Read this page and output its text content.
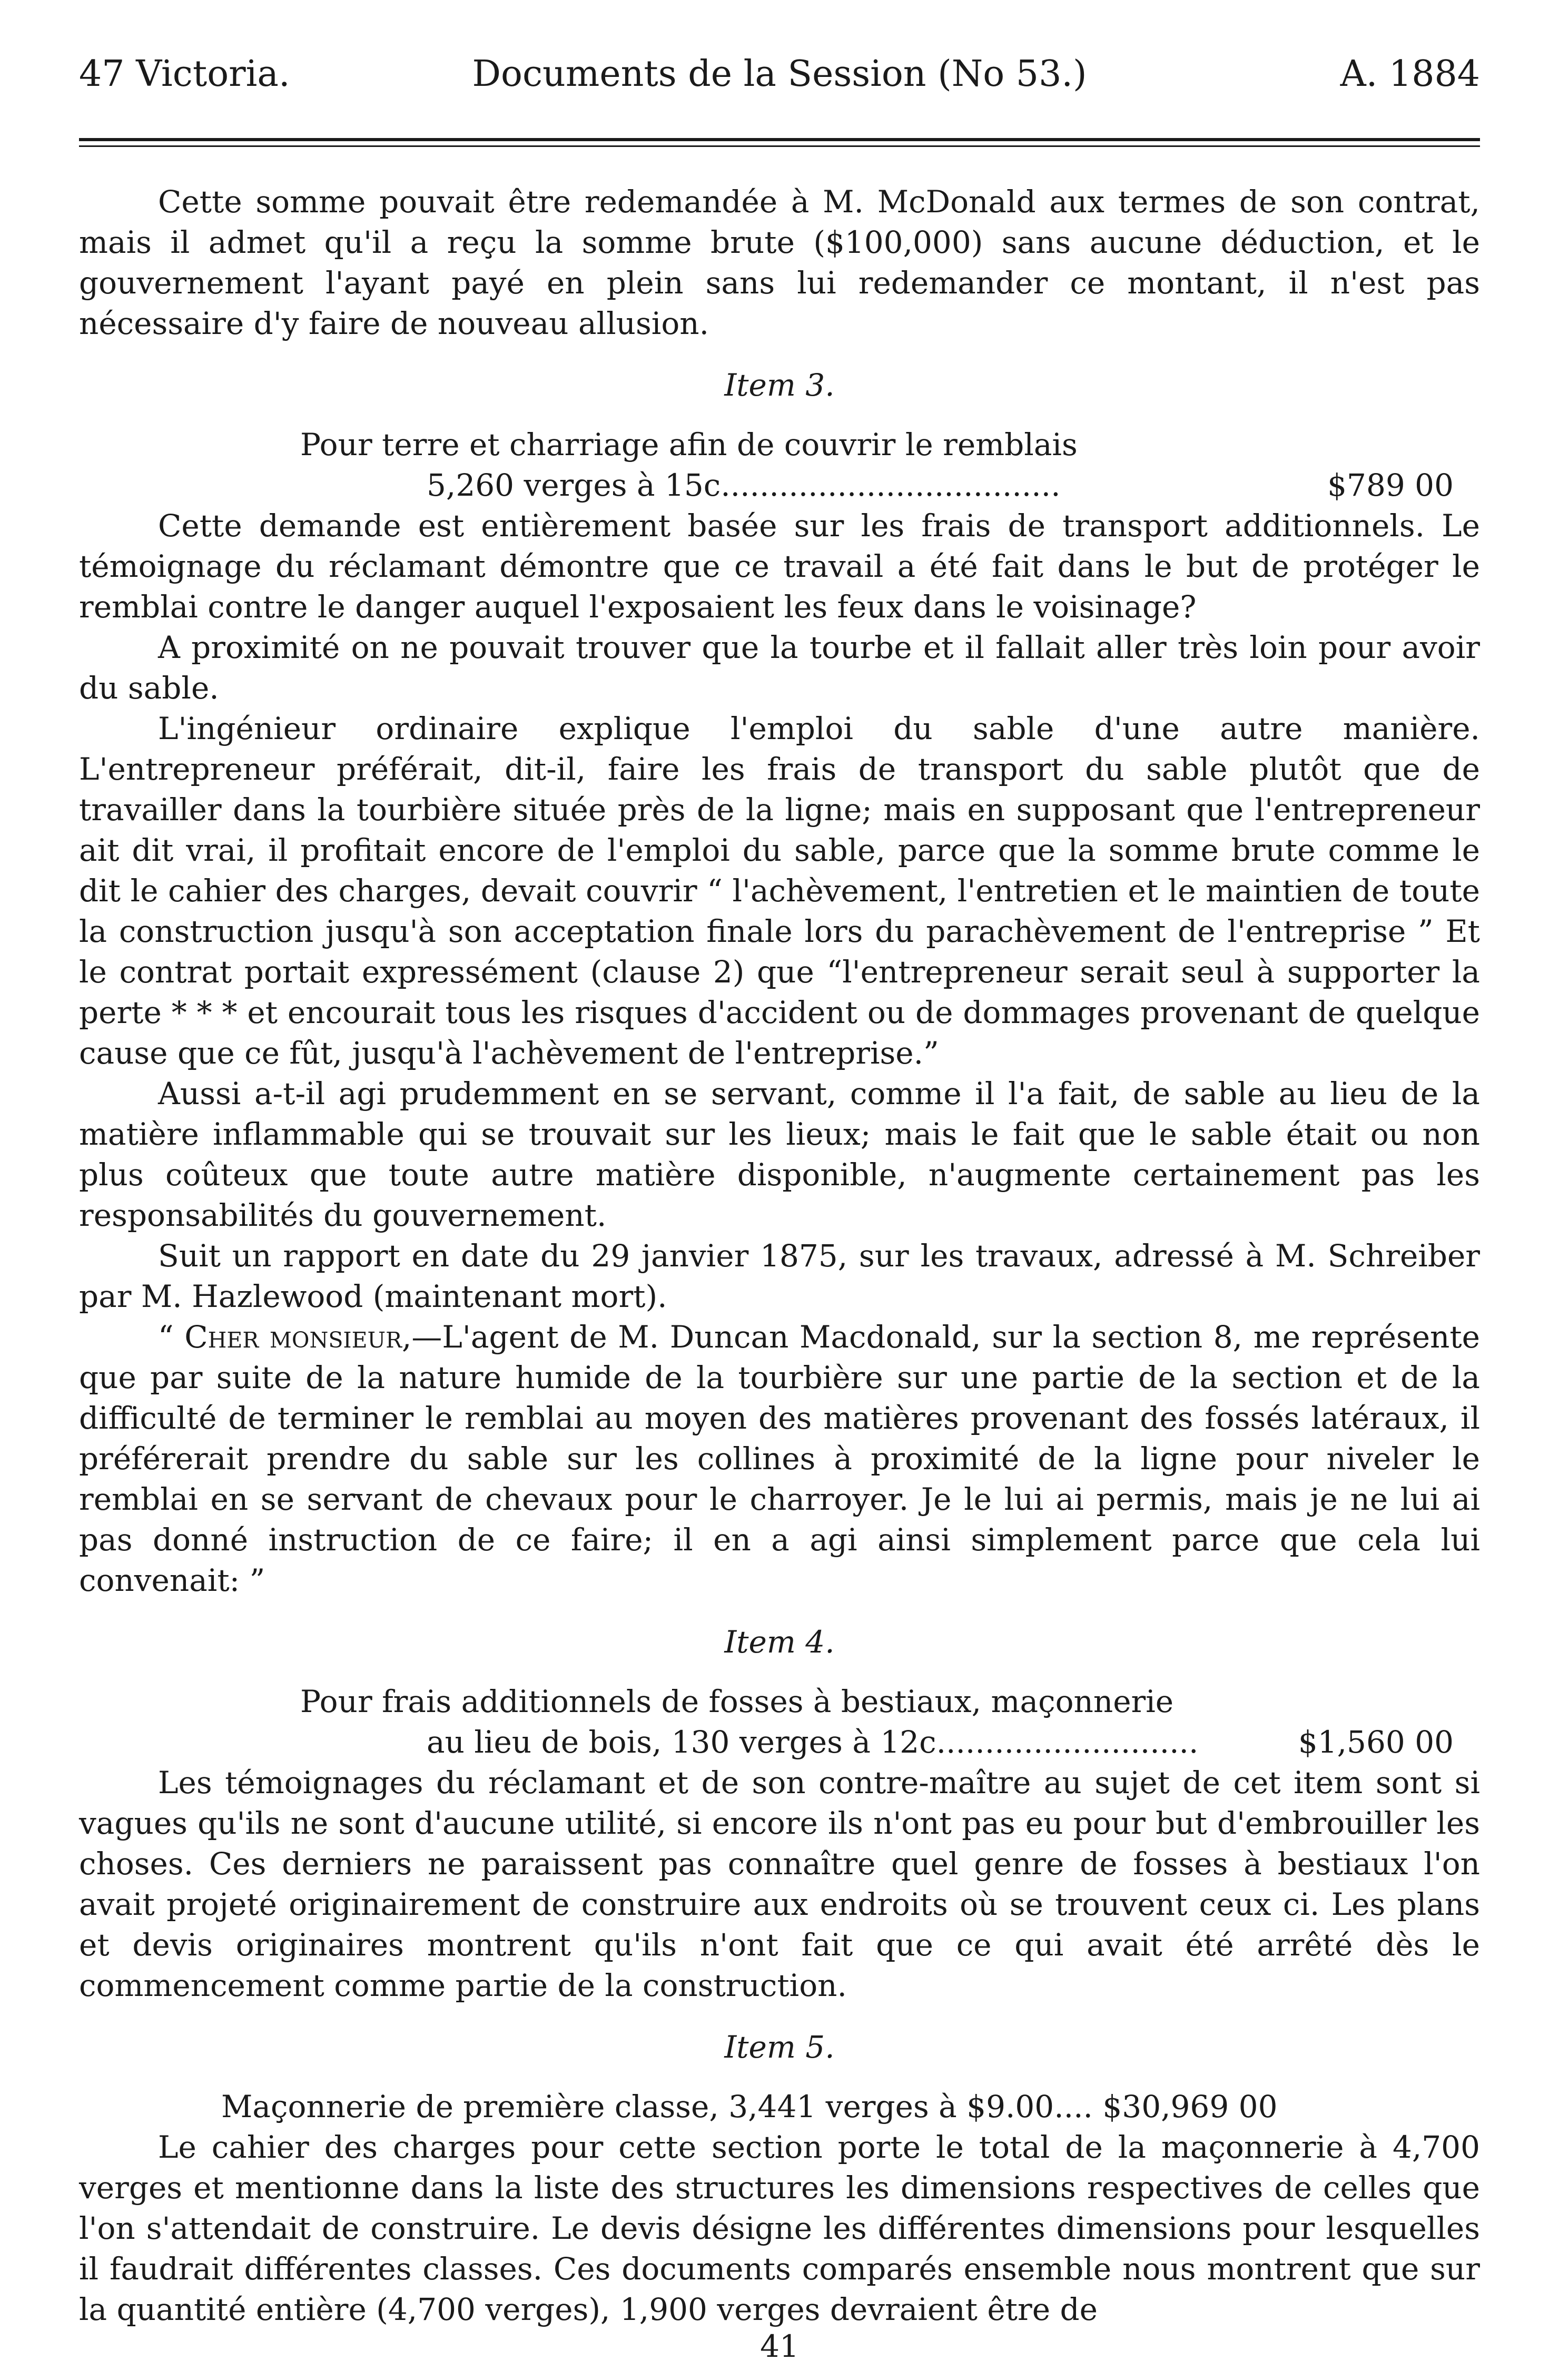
47 Victoria.	Documents de la Session (No 53.)	A. 1884

Cette somme pouvait être redemandée à M. McDonald aux termes de son contrat, mais il admet qu'il a reçu la somme brute ($100,000) sans aucune déduction, et le gouvernement l'ayant payé en plein sans lui redemander ce montant, il n'est pas nécessaire d'y faire de nouveau allusion.

Item 3.
Pour terre et charriage afin de couvrir le remblais
5,260 verges à 15c...................................	$789 00

Cette demande est entièrement basée sur les frais de transport additionnels. Le témoignage du réclamant démontre que ce travail a été fait dans le but de protéger le remblai contre le danger auquel l'exposaient les feux dans le voisinage?

A proximité on ne pouvait trouver que la tourbe et il fallait aller très loin pour avoir du sable.

L'ingénieur ordinaire explique l'emploi du sable d'une autre manière. L'entrepreneur préférait, dit-il, faire les frais de transport du sable plutôt que de travailler dans la tourbière située près de la ligne; mais en supposant que l'entrepreneur ait dit vrai, il profitait encore de l'emploi du sable, parce que la somme brute comme le dit le cahier des charges, devait couvrir “ l'achèvement, l'entretien et le maintien de toute la construction jusqu'à son acceptation finale lors du parachèvement de l'entreprise ” Et le contrat portait expressément (clause 2) que “l'entrepreneur serait seul à supporter la perte * * * et encourait tous les risques d'accident ou de dommages provenant de quelque cause que ce fût, jusqu'à l'achèvement de l'entreprise.”

Aussi a-t-il agi prudemment en se servant, comme il l'a fait, de sable au lieu de la matière inflammable qui se trouvait sur les lieux; mais le fait que le sable était ou non plus coûteux que toute autre matière disponible, n'augmente certainement pas les responsabilités du gouvernement.

Suit un rapport en date du 29 janvier 1875, sur les travaux, adressé à M. Schreiber par M. Hazlewood (maintenant mort).

“ Cher monsieur,—L'agent de M. Duncan Macdonald, sur la section 8, me représente que par suite de la nature humide de la tourbière sur une partie de la section et de la difficulté de terminer le remblai au moyen des matières provenant des fossés latéraux, il préférerait prendre du sable sur les collines à proximité de la ligne pour niveler le remblai en se servant de chevaux pour le charroyer. Je le lui ai permis, mais je ne lui ai pas donné instruction de ce faire; il en a agi ainsi simplement parce que cela lui convenait: ”

Item 4.
Pour frais additionnels de fosses à bestiaux, maçonnerie
au lieu de bois, 130 verges à 12c...........................	$1,560 00

Les témoignages du réclamant et de son contre-maître au sujet de cet item sont si vagues qu'ils ne sont d'aucune utilité, si encore ils n'ont pas eu pour but d'embrouiller les choses. Ces derniers ne paraissent pas connaître quel genre de fosses à bestiaux l'on avait projeté originairement de construire aux endroits où se trouvent ceux ci. Les plans et devis originaires montrent qu'ils n'ont fait que ce qui avait été arrêté dès le commencement comme partie de la construction.

Item 5.
Maçonnerie de première classe, 3,441 verges à $9.00.... $30,969 00

Le cahier des charges pour cette section porte le total de la maçonnerie à 4,700 verges et mentionne dans la liste des structures les dimensions respectives de celles que l'on s'attendait de construire. Le devis désigne les différentes dimensions pour lesquelles il faudrait différentes classes. Ces documents comparés ensemble nous montrent que sur la quantité entière (4,700 verges), 1,900 verges devraient être de

41
